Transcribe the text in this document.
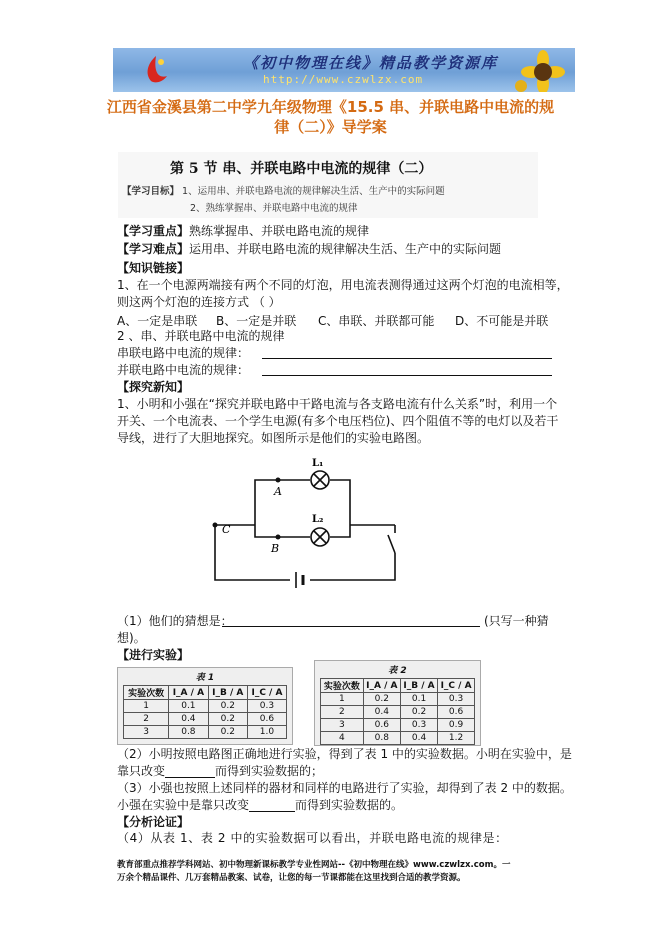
《初中物理在线》精品教学资源库
http://www.czwlzx.com
江西省金溪县第二中学九年级物理《15.5 串、并联电路中电流的规
律（二）》导学案
第 5 节 串、并联电路中电流的规律（二）
【学习目标】 1、运用串、并联电路电流的规律解决生活、生产中的实际问题
2、熟练掌握串、并联电路中电流的规律
【学习重点】熟练掌握串、并联电路电流的规律
【学习难点】运用串、并联电路电流的规律解决生活、生产中的实际问题
【知识链接】
1、在一个电源两端接有两个不同的灯泡，用电流表测得通过这两个灯泡的电流相等，
则这两个灯泡的连接方式 （ ）
A、一定是串联 B、一定是并联 C、串联、并联都可能 D、不可能是并联
2 、串、并联电路中电流的规律
串联电路中电流的规律：
并联电路中电流的规律：
【探究新知】
1、小明和小强在“探究并联电路中干路电流与各支路电流有什么关系”时，利用一个
开关、一个电流表、一个学生电源(有多个电压档位)、四个阻值不等的电灯以及若干
导线，进行了大胆地探究。如图所示是他们的实验电路图。
L₁
L₂
A
B
C
（1）他们的猜想是：	(只写一种猜
想)。
【进行实验】
表 1
实验次数	I_A / A	I_B / A	I_C / A
1	0.1	0.2	0.3
2	0.4	0.2	0.6
3	0.8	0.2	1.0
表 2
实验次数	I_A / A	I_B / A	I_C / A
1	0.2	0.1	0.3
2	0.4	0.2	0.6
3	0.6	0.3	0.9
4	0.8	0.4	1.2
（2）小明按照电路图正确地进行实验，得到了表 1 中的实验数据。小明在实验中，是
靠只改变	而得到实验数据的；
（3）小强也按照上述同样的器材和同样的电路进行了实验，却得到了表 2 中的数据。
小强在实验中是靠只改变	而得到实验数据的。
【分析论证】
（4）从表 1、表 2 中的实验数据可以看出，并联电路电流的规律是：
教育部重点推荐学科网站、初中物理新课标教学专业性网站--《初中物理在线》www.czwlzx.com。一
万余个精品课件、几万套精品教案、试卷，让您的每一节课都能在这里找到合适的教学资源。
